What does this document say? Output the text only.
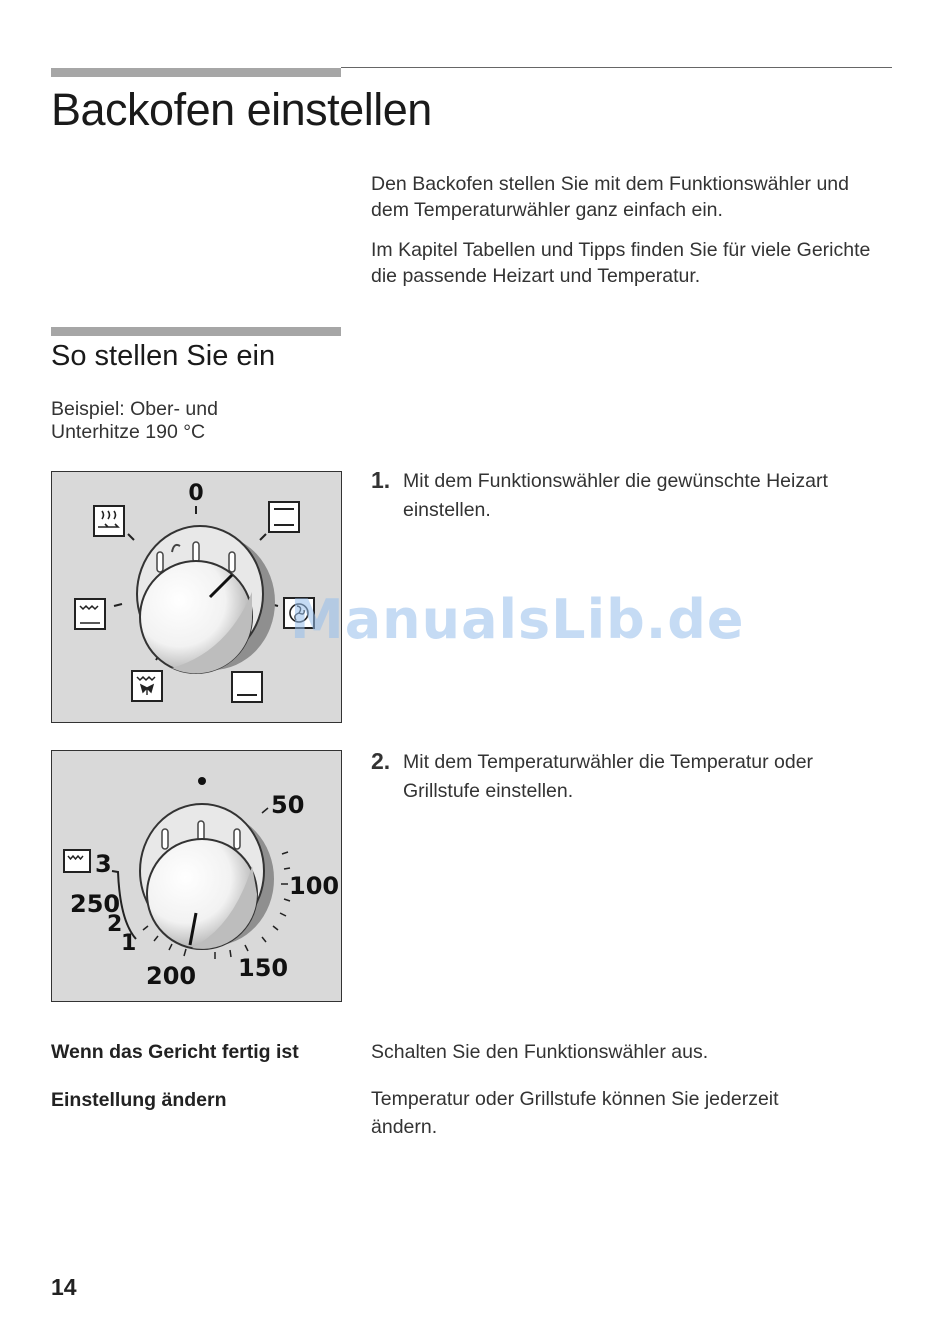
Backofen einstellen

Den Backofen stellen Sie mit dem Funktionswähler und dem Temperaturwähler ganz einfach ein.

Im Kapitel Tabellen und Tipps finden Sie für viele Gerichte die passende Heizart und Temperatur.

So stellen Sie ein

Beispiel: Ober- und

Unterhitze 190 °C

0
1. Mit dem Funktionswähler die gewünschte Heizart

einstellen.

50
100
150
200
250
3
2
1
2. Mit dem Temperaturwähler die Temperatur oder

Grillstufe einstellen.

Wenn das Gericht fertig ist	Schalten Sie den Funktionswähler aus.

Einstellung ändern	Temperatur oder Grillstufe können Sie jederzeit

ändern.

ManualsLib.de
14
